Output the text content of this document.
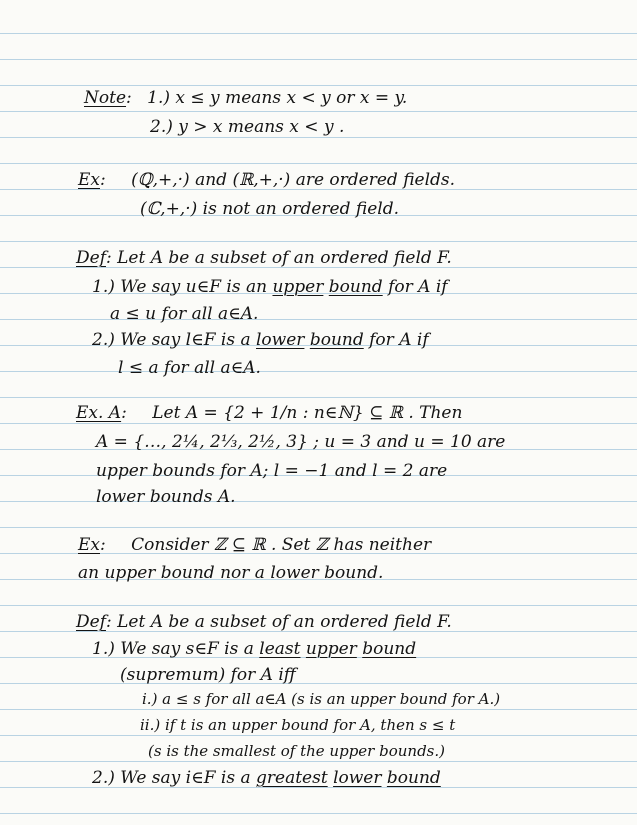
Note: 1.) x ≤ y means x < y or x = y.
2.) y > x means x < y .
Ex: (ℚ,+,·) and (ℝ,+,·) are ordered fields.
(ℂ,+,·) is not an ordered field.
Def: Let A be a subset of an ordered field F.
1.) We say u∈F is an upper bound for A if
a ≤ u for all a∈A.
2.) We say l∈F is a lower bound for A if
l ≤ a for all a∈A.
Ex. A: Let A = {2 + 1/n : n∈ℕ} ⊆ ℝ . Then
A = {…, 2¼, 2⅓, 2½, 3} ; u = 3 and u = 10 are
upper bounds for A; l = −1 and l = 2 are
lower bounds A.
Ex: Consider ℤ ⊆ ℝ . Set ℤ has neither
an upper bound nor a lower bound.
Def: Let A be a subset of an ordered field F.
1.) We say s∈F is a least upper bound
(supremum) for A iff
i.) a ≤ s for all a∈A (s is an upper bound for A.)
ii.) if t is an upper bound for A, then s ≤ t
(s is the smallest of the upper bounds.)
2.) We say i∈F is a greatest lower bound
